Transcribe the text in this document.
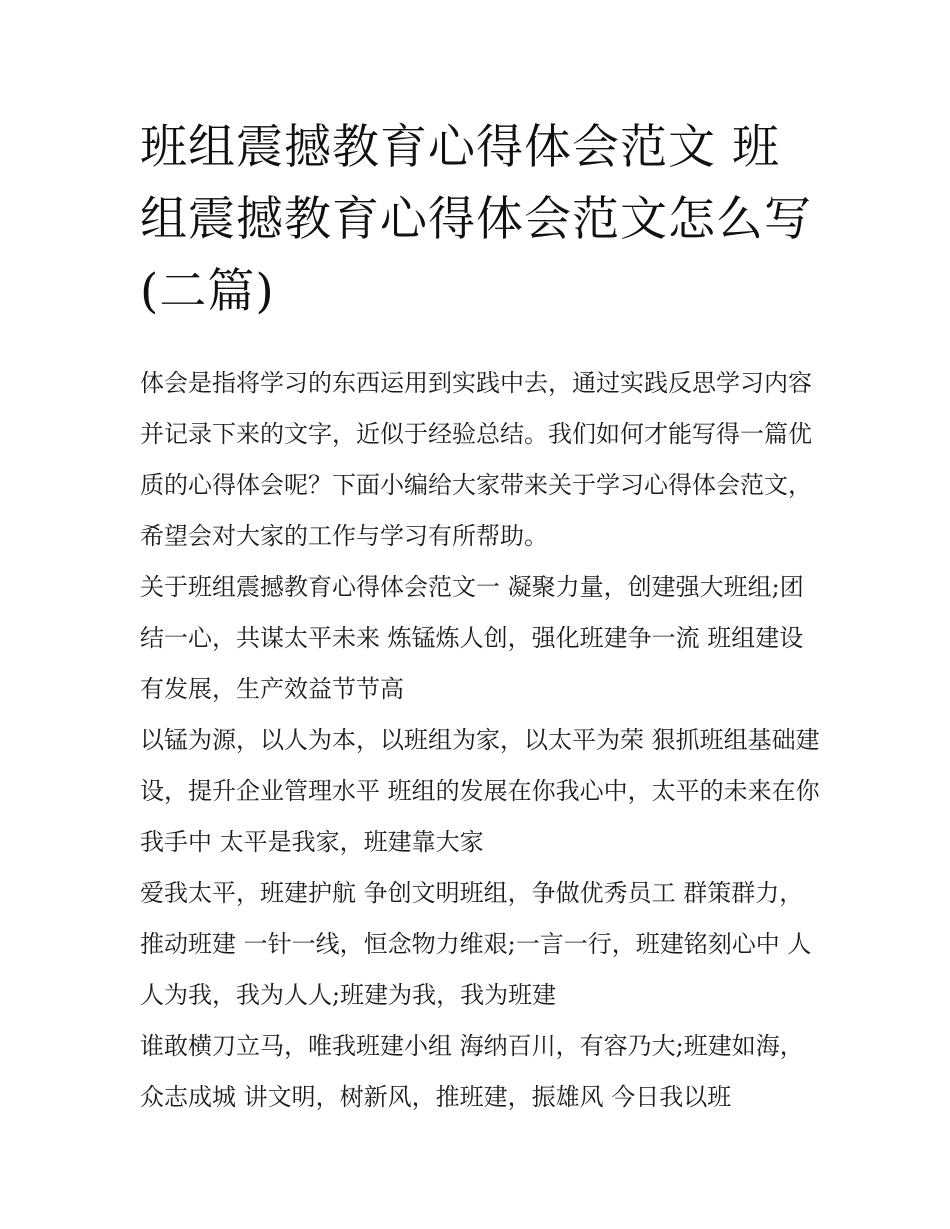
班组震撼教育心得体会范文 班组震撼教育心得体会范文怎么写(二篇)

体会是指将学习的东西运用到实践中去，通过实践反思学习内容并记录下来的文字，近似于经验总结。我们如何才能写得一篇优质的心得体会呢？下面小编给大家带来关于学习心得体会范文，希望会对大家的工作与学习有所帮助。

关于班组震撼教育心得体会范文一 凝聚力量，创建强大班组;团结一心，共谋太平未来 炼锰炼人创，强化班建争一流 班组建设有发展，生产效益节节高

以锰为源，以人为本，以班组为家，以太平为荣 狠抓班组基础建设，提升企业管理水平 班组的发展在你我心中，太平的未来在你我手中 太平是我家，班建靠大家

爱我太平，班建护航 争创文明班组，争做优秀员工 群策群力，推动班建 一针一线，恒念物力维艰;一言一行，班建铭刻心中 人人为我，我为人人;班建为我，我为班建

谁敢横刀立马，唯我班建小组 海纳百川，有容乃大;班建如海，众志成城 讲文明，树新风，推班建，振雄风 今日我以班
